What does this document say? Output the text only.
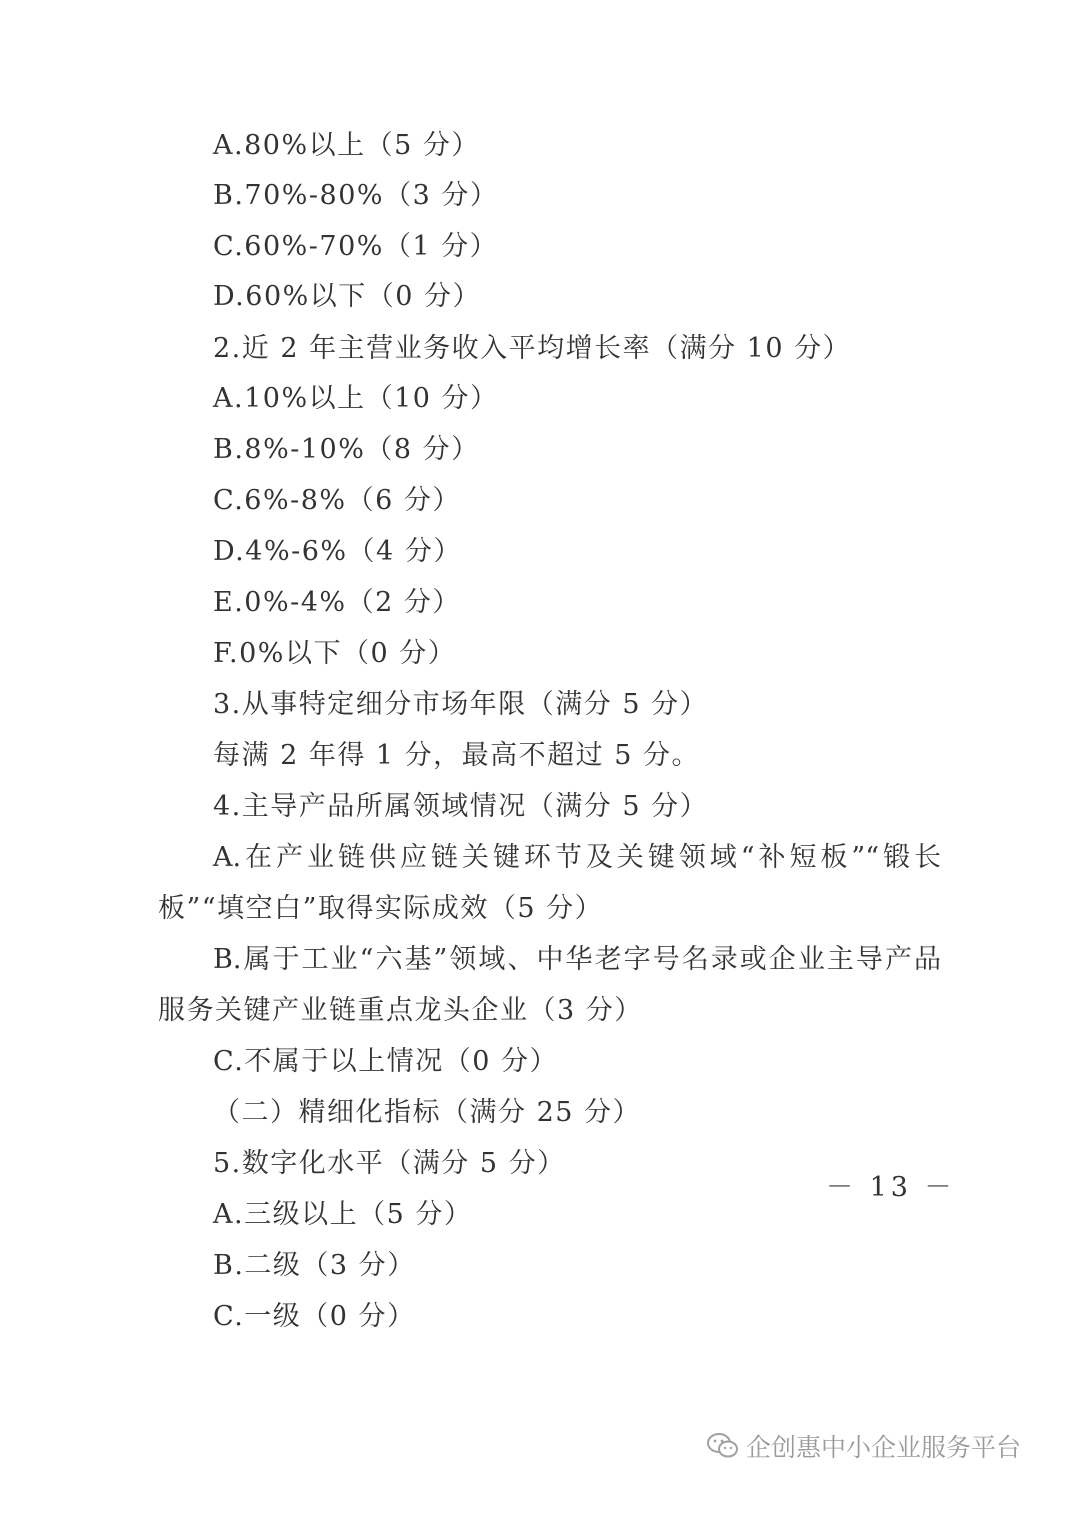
A.80%以上（5 分）
B.70%-80%（3 分）
C.60%-70%（1 分）
D.60%以下（0 分）
2.近 2 年主营业务收入平均增长率（满分 10 分）
A.10%以上（10 分）
B.8%-10%（8 分）
C.6%-8%（6 分）
D.4%-6%（4 分）
E.0%-4%（2 分）
F.0%以下（0 分）
3.从事特定细分市场年限（满分 5 分）
每满 2 年得 1 分，最高不超过 5 分。
4.主导产品所属领域情况（满分 5 分）
A.在产业链供应链关键环节及关键领域“补短板”“锻长
板”“填空白”取得实际成效（5 分）
B.属于工业“六基”领域、中华老字号名录或企业主导产品
服务关键产业链重点龙头企业（3 分）
C.不属于以上情况（0 分）
（二）精细化指标（满分 25 分）
5.数字化水平（满分 5 分）
A.三级以上（5 分）
B.二级（3 分）
C.一级（0 分）
－ 13 －
企创惠中小企业服务平台
